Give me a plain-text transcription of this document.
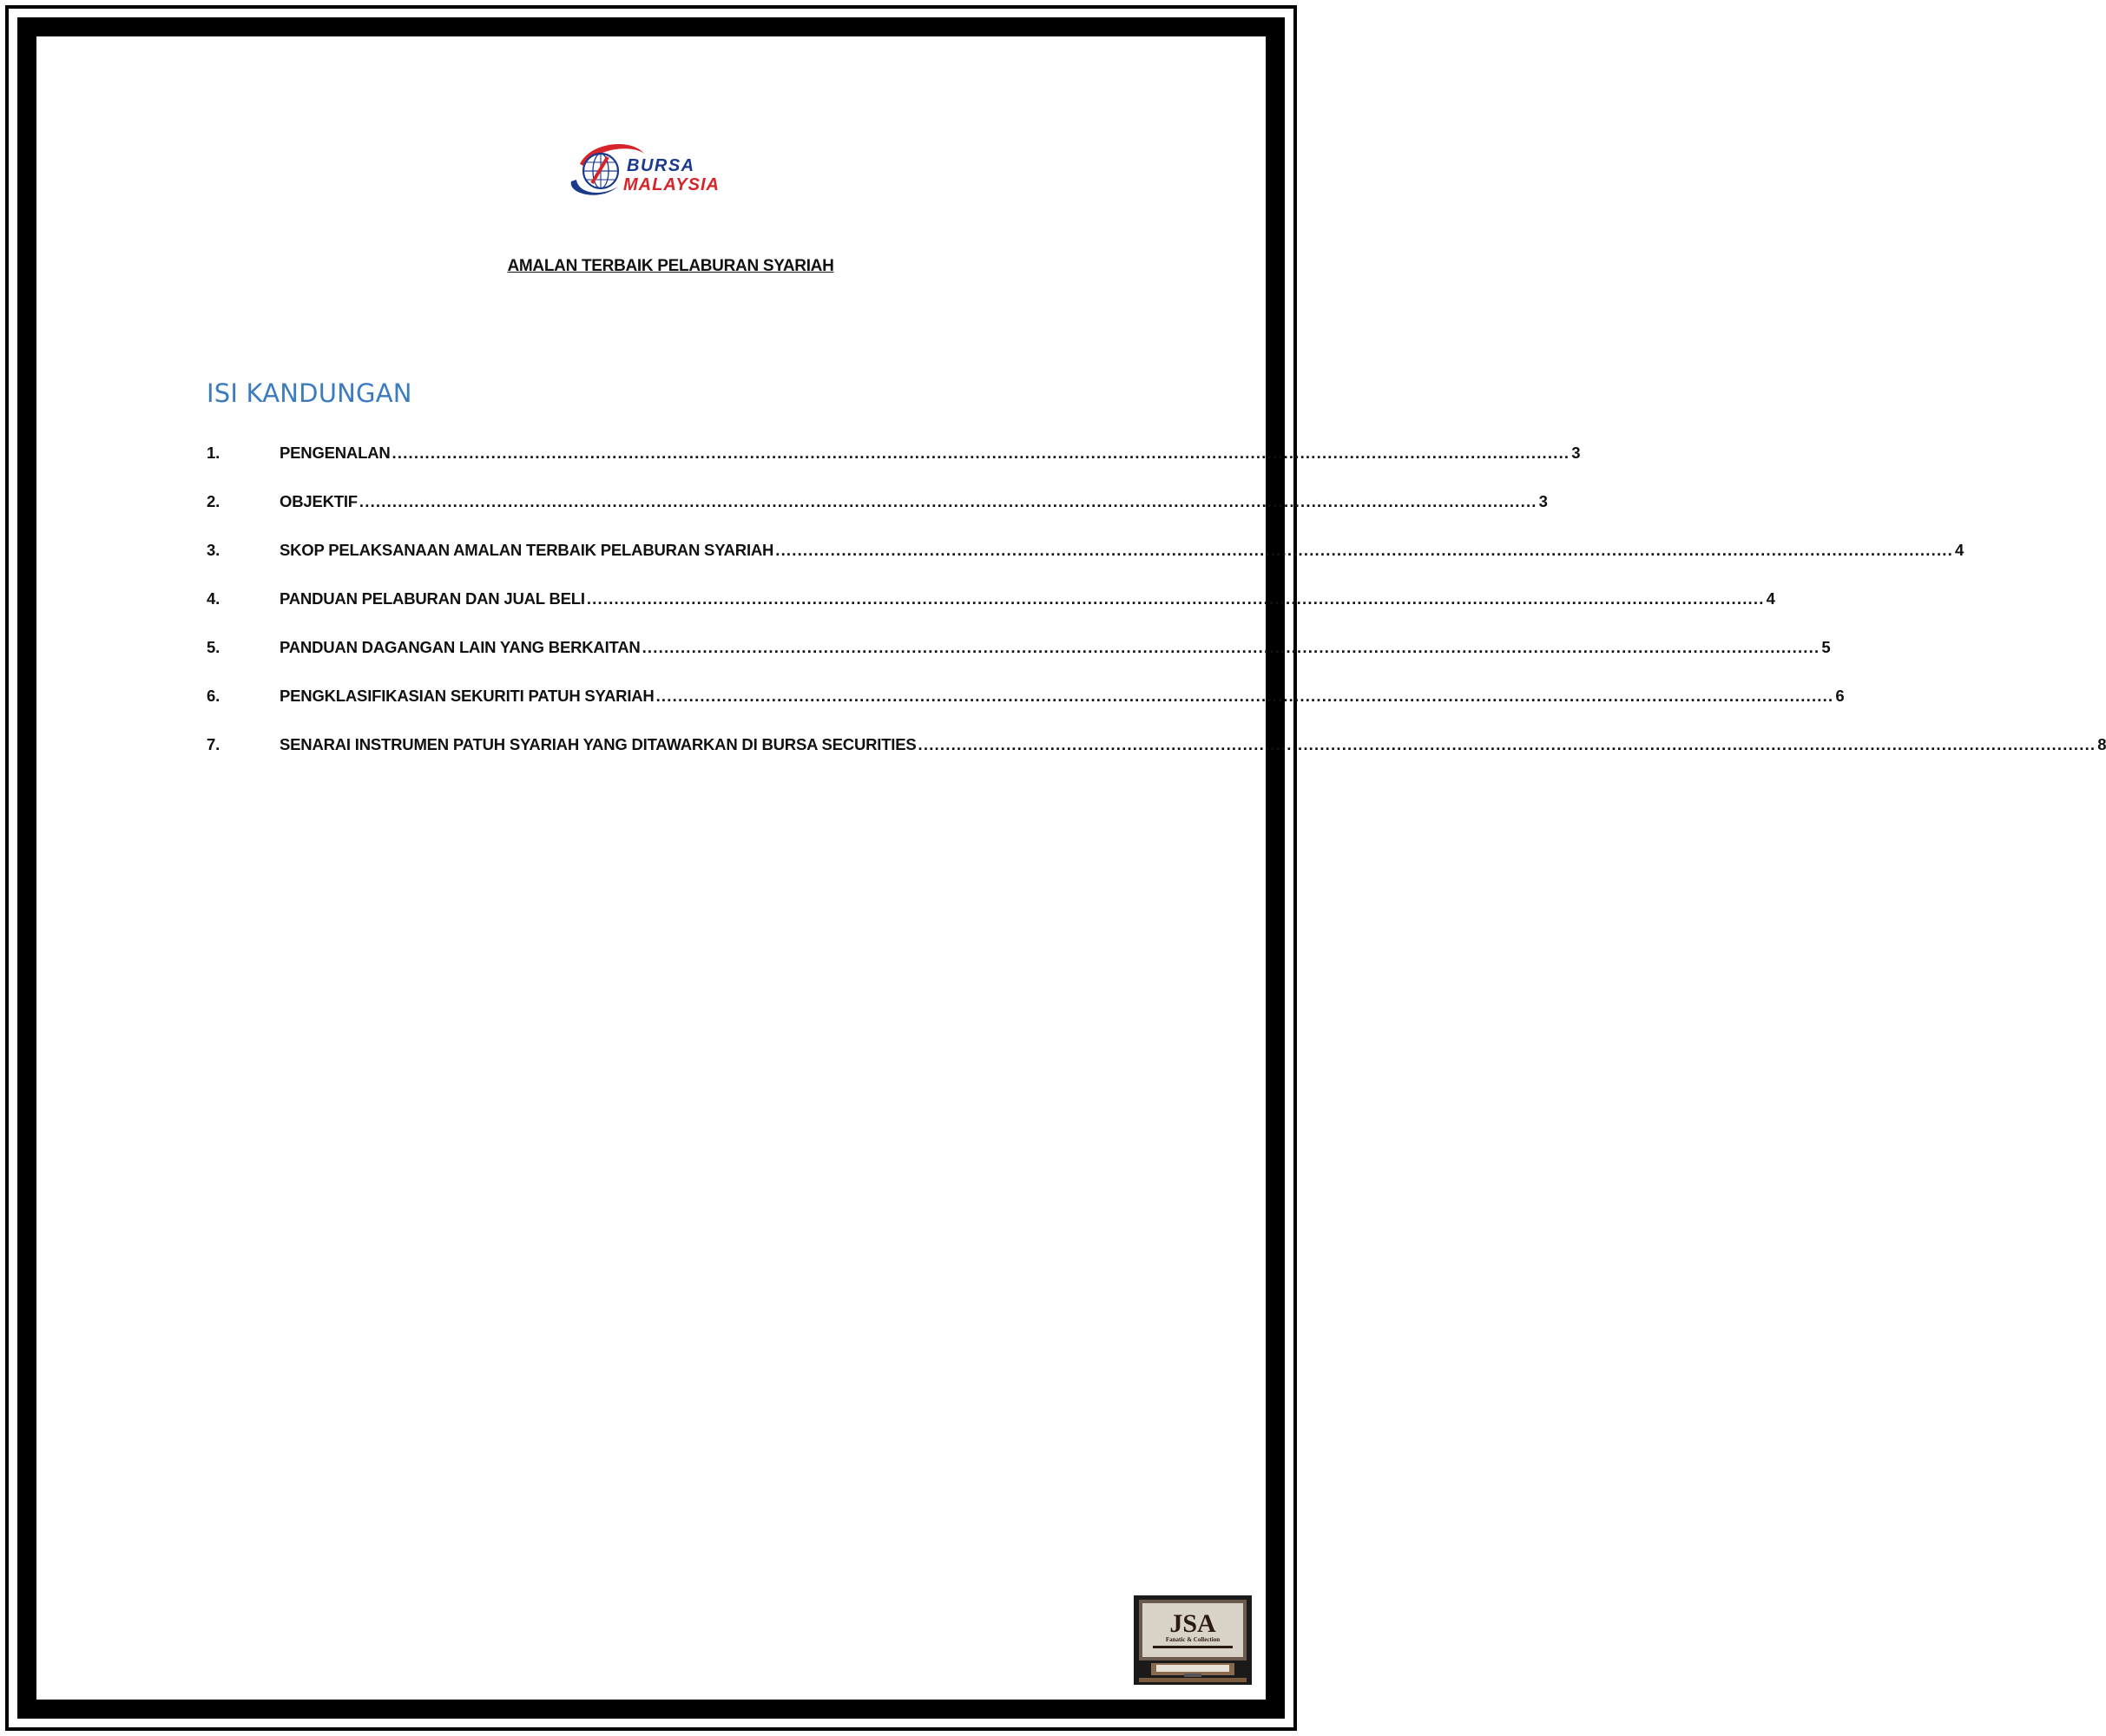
BURSA
MALAYSIA
AMALAN TERBAIK PELABURAN SYARIAH
ISI KANDUNGAN
1.	PENGENALAN ...................................................................................................................................................................................................................... 3
2.	OBJEKTIF ...................................................................................................................................................................................................................... 3
3.	SKOP PELAKSANAAN AMALAN TERBAIK PELABURAN SYARIAH ...................................................................................................................................................................................................................... 4
4.	PANDUAN PELABURAN DAN JUAL BELI ...................................................................................................................................................................................................................... 4
5.	PANDUAN DAGANGAN LAIN YANG BERKAITAN ...................................................................................................................................................................................................................... 5
6.	PENGKLASIFIKASIAN SEKURITI PATUH SYARIAH ...................................................................................................................................................................................................................... 6
7.	SENARAI INSTRUMEN PATUH SYARIAH YANG DITAWARKAN DI BURSA SECURITIES ...................................................................................................................................................................................................................... 8
JSA
Fanatic & Collection
